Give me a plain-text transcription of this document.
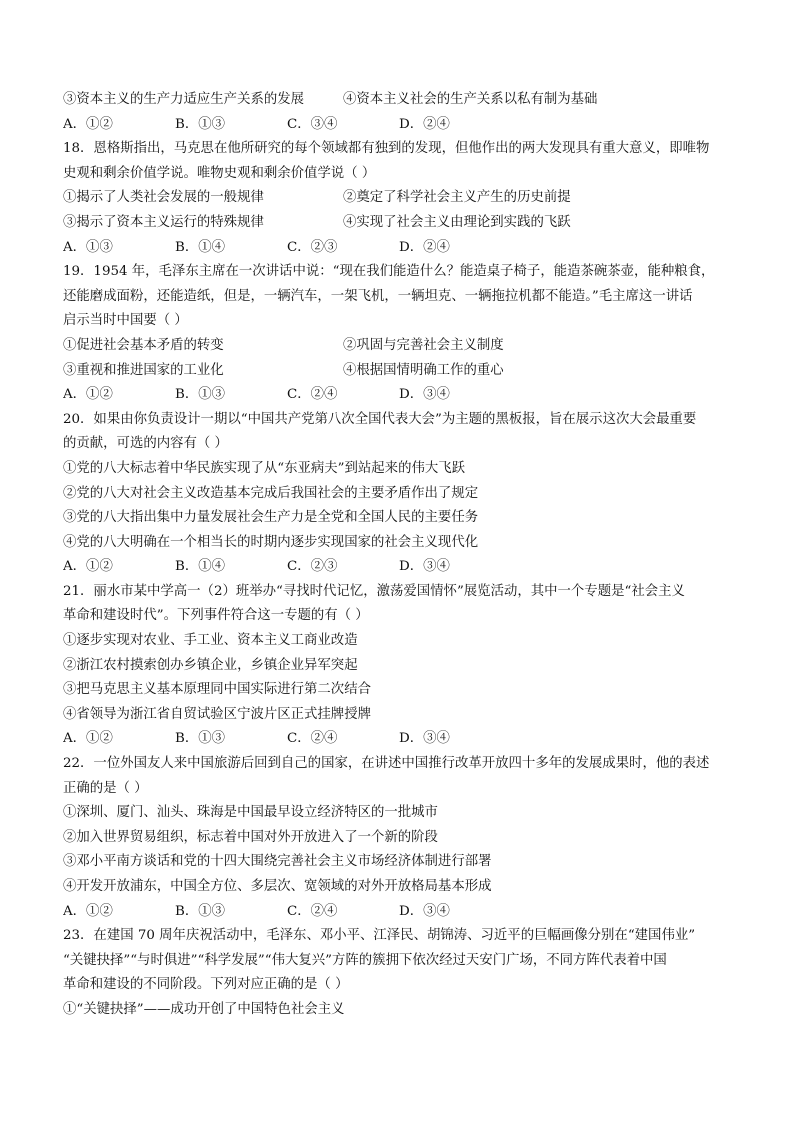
③资本主义的生产力适应生产关系的发展	④资本主义社会的生产关系以私有制为基础
A．①②	B．①③	C．③④	D．②④
18．恩格斯指出，马克思在他所研究的每个领域都有独到的发现，但他作出的两大发现具有重大意义，即唯物
史观和剩余价值学说。唯物史观和剩余价值学说（ ）
①揭示了人类社会发展的一般规律	②奠定了科学社会主义产生的历史前提
③揭示了资本主义运行的特殊规律	④实现了社会主义由理论到实践的飞跃
A．①③	B．①④	C．②③	D．②④
19．1954 年，毛泽东主席在一次讲话中说：“现在我们能造什么？能造桌子椅子，能造茶碗茶壶，能种粮食，
还能磨成面粉，还能造纸，但是，一辆汽车，一架飞机，一辆坦克、一辆拖拉机都不能造。”毛主席这一讲话
启示当时中国要（ ）
①促进社会基本矛盾的转变	②巩固与完善社会主义制度
③重视和推进国家的工业化	④根据国情明确工作的重心
A．①②	B．①③	C．②④	D．③④
20．如果由你负责设计一期以“中国共产党第八次全国代表大会”为主题的黑板报，旨在展示这次大会最重要
的贡献，可选的内容有（ ）
①党的八大标志着中华民族实现了从“东亚病夫”到站起来的伟大飞跃
②党的八大对社会主义改造基本完成后我国社会的主要矛盾作出了规定
③党的八大指出集中力量发展社会生产力是全党和全国人民的主要任务
④党的八大明确在一个相当长的时期内逐步实现国家的社会主义现代化
A．①②	B．①④	C．②③	D．③④
21．丽水市某中学高一（2）班举办“寻找时代记忆，激荡爱国情怀”展览活动，其中一个专题是“社会主义
革命和建设时代”。下列事件符合这一专题的有（ ）
①逐步实现对农业、手工业、资本主义工商业改造
②浙江农村摸索创办乡镇企业，乡镇企业异军突起
③把马克思主义基本原理同中国实际进行第二次结合
④省领导为浙江省自贸试验区宁波片区正式挂牌授牌
A．①②	B．①③	C．②④	D．③④
22．一位外国友人来中国旅游后回到自己的国家，在讲述中国推行改革开放四十多年的发展成果时，他的表述
正确的是（ ）
①深圳、厦门、汕头、珠海是中国最早设立经济特区的一批城市
②加入世界贸易组织，标志着中国对外开放进入了一个新的阶段
③邓小平南方谈话和党的十四大围绕完善社会主义市场经济体制进行部署
④开发开放浦东，中国全方位、多层次、宽领域的对外开放格局基本形成
A．①②	B．①③	C．②④	D．③④
23．在建国 70 周年庆祝活动中，毛泽东、邓小平、江泽民、胡锦涛、习近平的巨幅画像分别在“建国伟业”
“关键抉择”“与时俱进”“科学发展”“伟大复兴”方阵的簇拥下依次经过天安门广场，不同方阵代表着中国
革命和建设的不同阶段。下列对应正确的是（ ）
①“关键抉择”——成功开创了中国特色社会主义
